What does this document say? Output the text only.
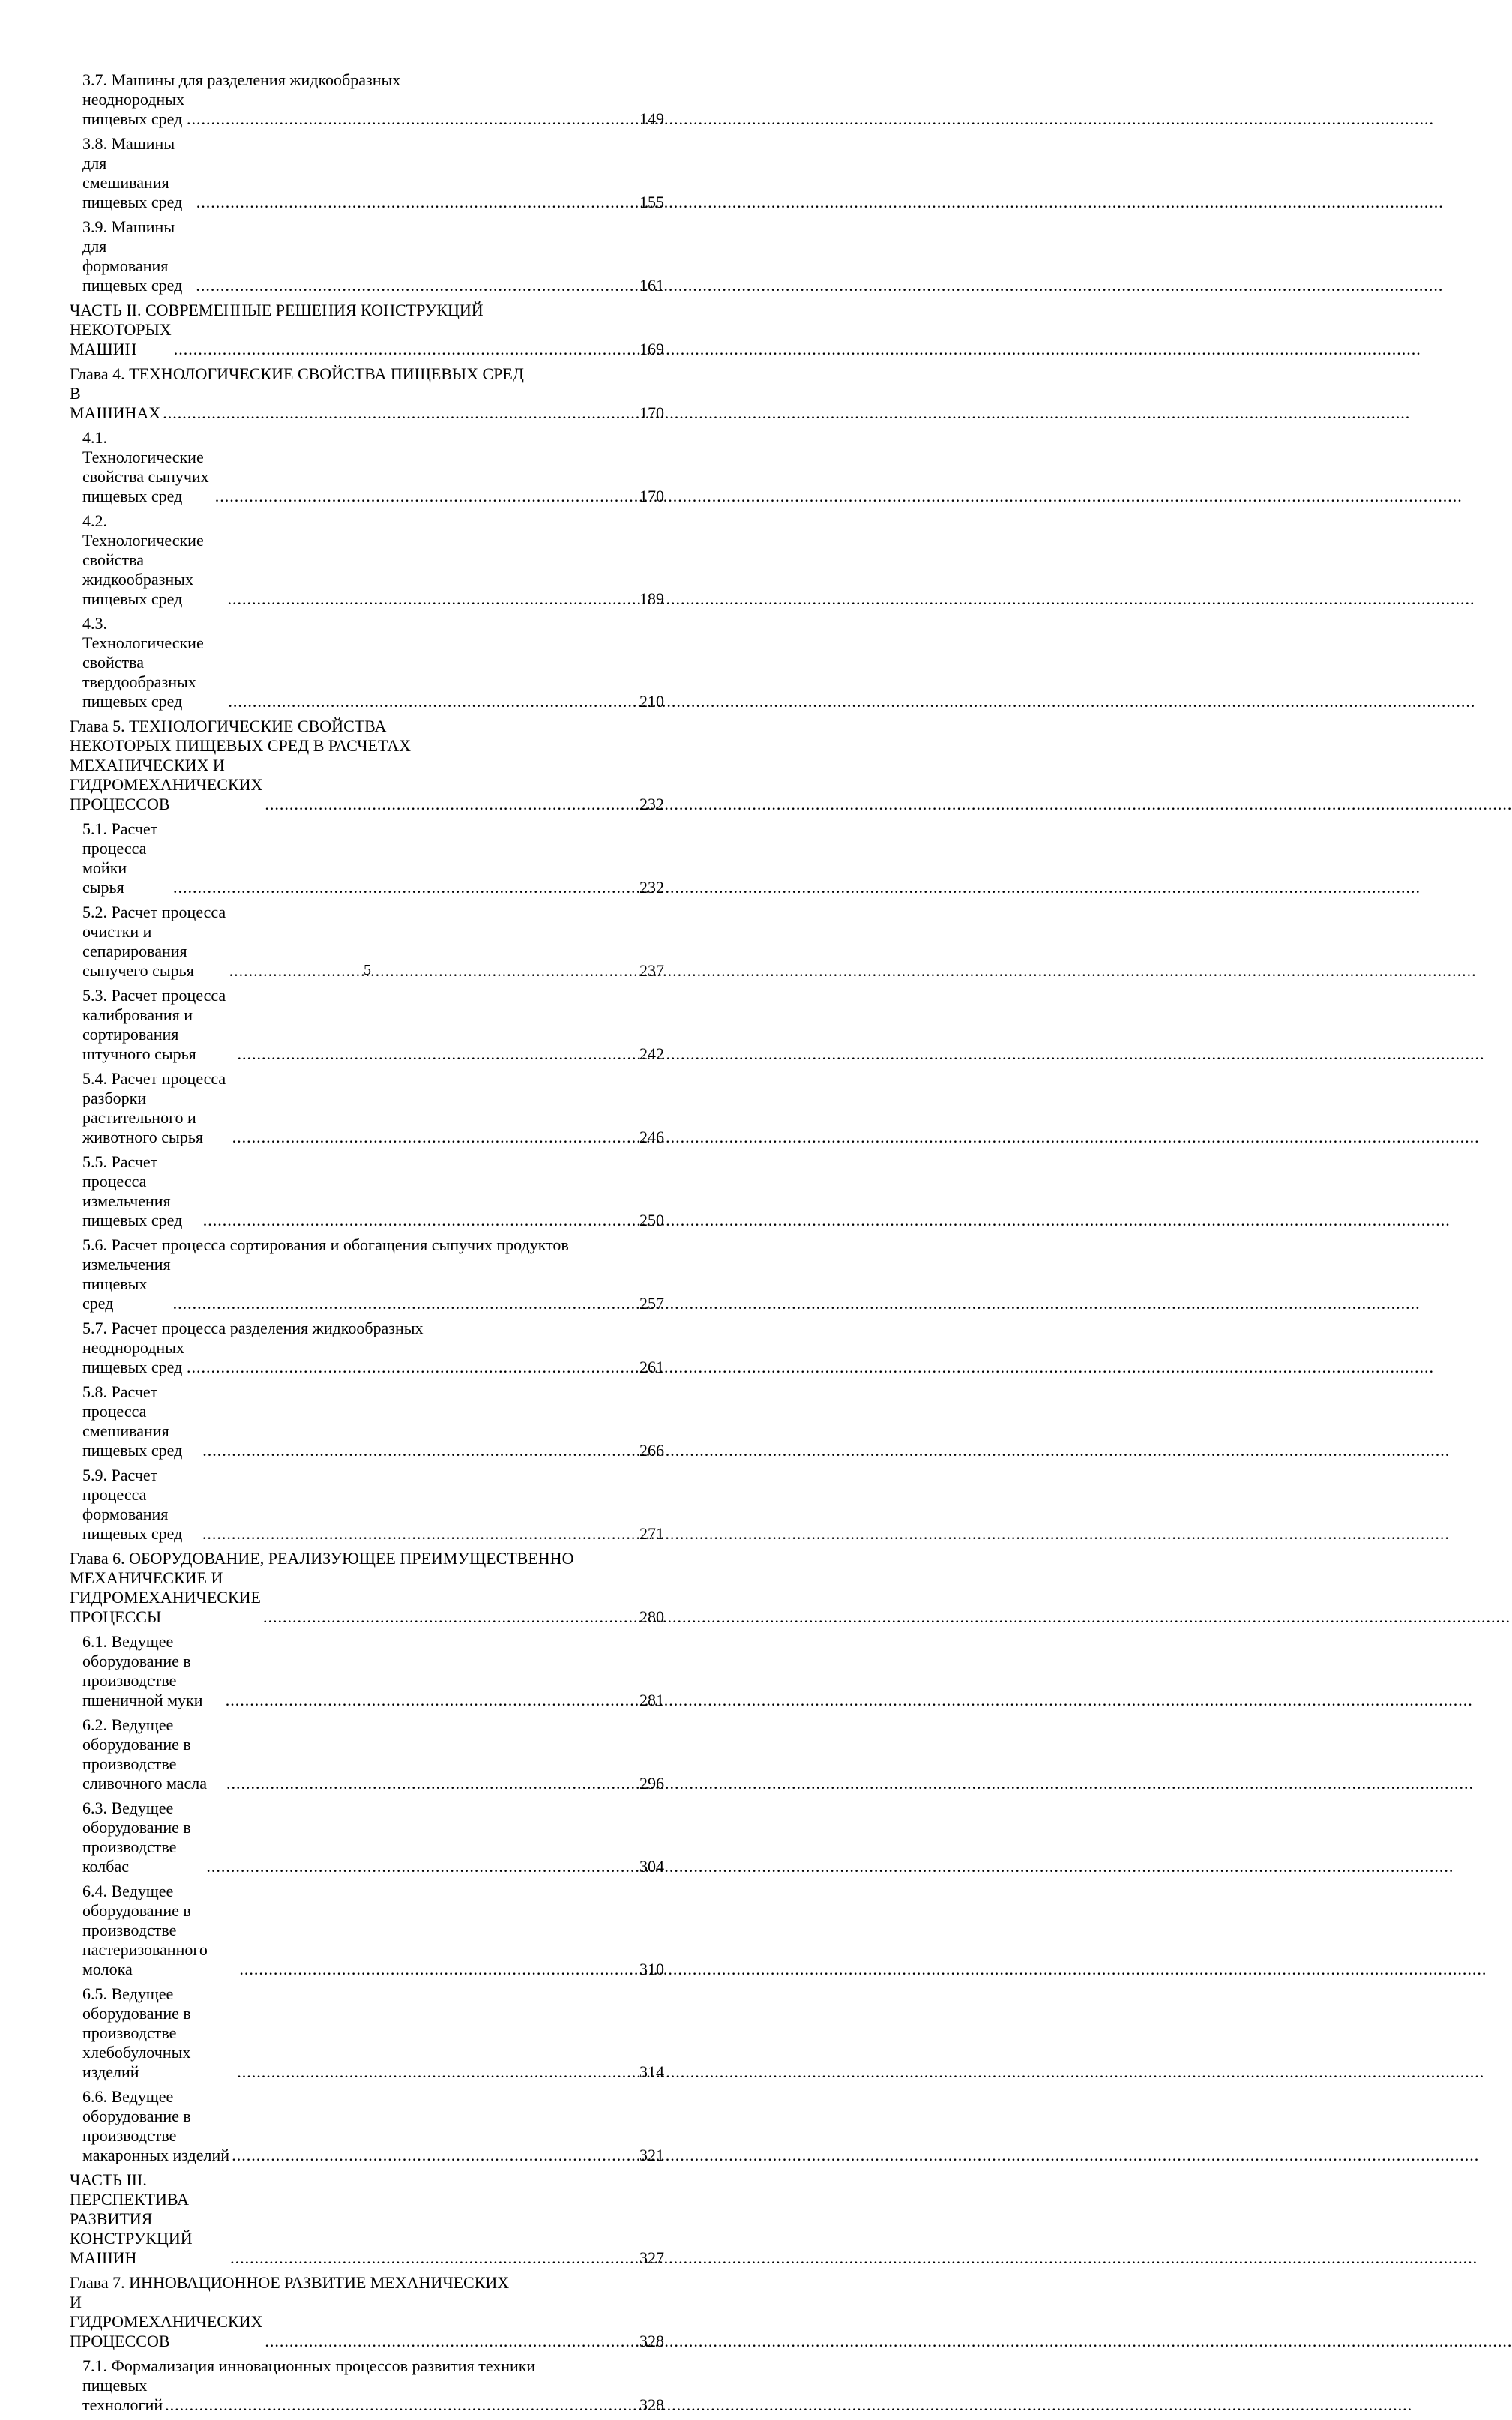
3.7. Машины для разделения жидкообразных
неоднородных пищевых сред .....	149
3.8. Машины для смешивания пищевых сред .....	155
3.9. Машины для формования пищевых сред .....	161
ЧАСТЬ II. СОВРЕМЕННЫЕ РЕШЕНИЯ КОНСТРУКЦИЙ
НЕКОТОРЫХ МАШИН .....	169
Глава 4. ТЕХНОЛОГИЧЕСКИЕ СВОЙСТВА ПИЩЕВЫХ СРЕД
В МАШИНАХ .....	170
4.1. Технологические свойства сыпучих пищевых сред .....	170
4.2. Технологические свойства жидкообразных пищевых сред .....	189
4.3. Технологические свойства твердообразных пищевых сред .....	210
Глава 5. ТЕХНОЛОГИЧЕСКИЕ СВОЙСТВА
НЕКОТОРЫХ ПИЩЕВЫХ СРЕД В РАСЧЕТАХ
МЕХАНИЧЕСКИХ И ГИДРОМЕХАНИЧЕСКИХ ПРОЦЕССОВ .....	232
5.1. Расчет процесса мойки сырья .....	232
5.2. Расчет процесса очистки и сепарирования сыпучего сырья .....	237
5.3. Расчет процесса калибрования и сортирования штучного сырья .....	242
5.4. Расчет процесса разборки растительного и животного сырья .....	246
5.5. Расчет процесса измельчения пищевых сред .....	250
5.6. Расчет процесса сортирования и обогащения сыпучих продуктов
измельчения пищевых сред .....	257
5.7. Расчет процесса разделения жидкообразных
неоднородных пищевых сред .....	261
5.8. Расчет процесса смешивания пищевых сред .....	266
5.9. Расчет процесса формования пищевых сред .....	271
Глава 6. ОБОРУДОВАНИЕ, РЕАЛИЗУЮЩЕЕ ПРЕИМУЩЕСТВЕННО
МЕХАНИЧЕСКИЕ И ГИДРОМЕХАНИЧЕСКИЕ ПРОЦЕССЫ .....	280
6.1. Ведущее оборудование в производстве пшеничной муки .....	281
6.2. Ведущее оборудование в производстве сливочного масла .....	296
6.3. Ведущее оборудование в производстве колбас .....	304
6.4. Ведущее оборудование в производстве пастеризованного молока .....	310
6.5. Ведущее оборудование в производстве хлебобулочных изделий .....	314
6.6. Ведущее оборудование в производстве макаронных изделий .....	321
ЧАСТЬ III. ПЕРСПЕКТИВА РАЗВИТИЯ КОНСТРУКЦИЙ МАШИН .....	327
Глава 7. ИННОВАЦИОННОЕ РАЗВИТИЕ МЕХАНИЧЕСКИХ
И ГИДРОМЕХАНИЧЕСКИХ ПРОЦЕССОВ .....	328
7.1. Формализация инновационных процессов развития техники
пищевых технологий .....	328
5
